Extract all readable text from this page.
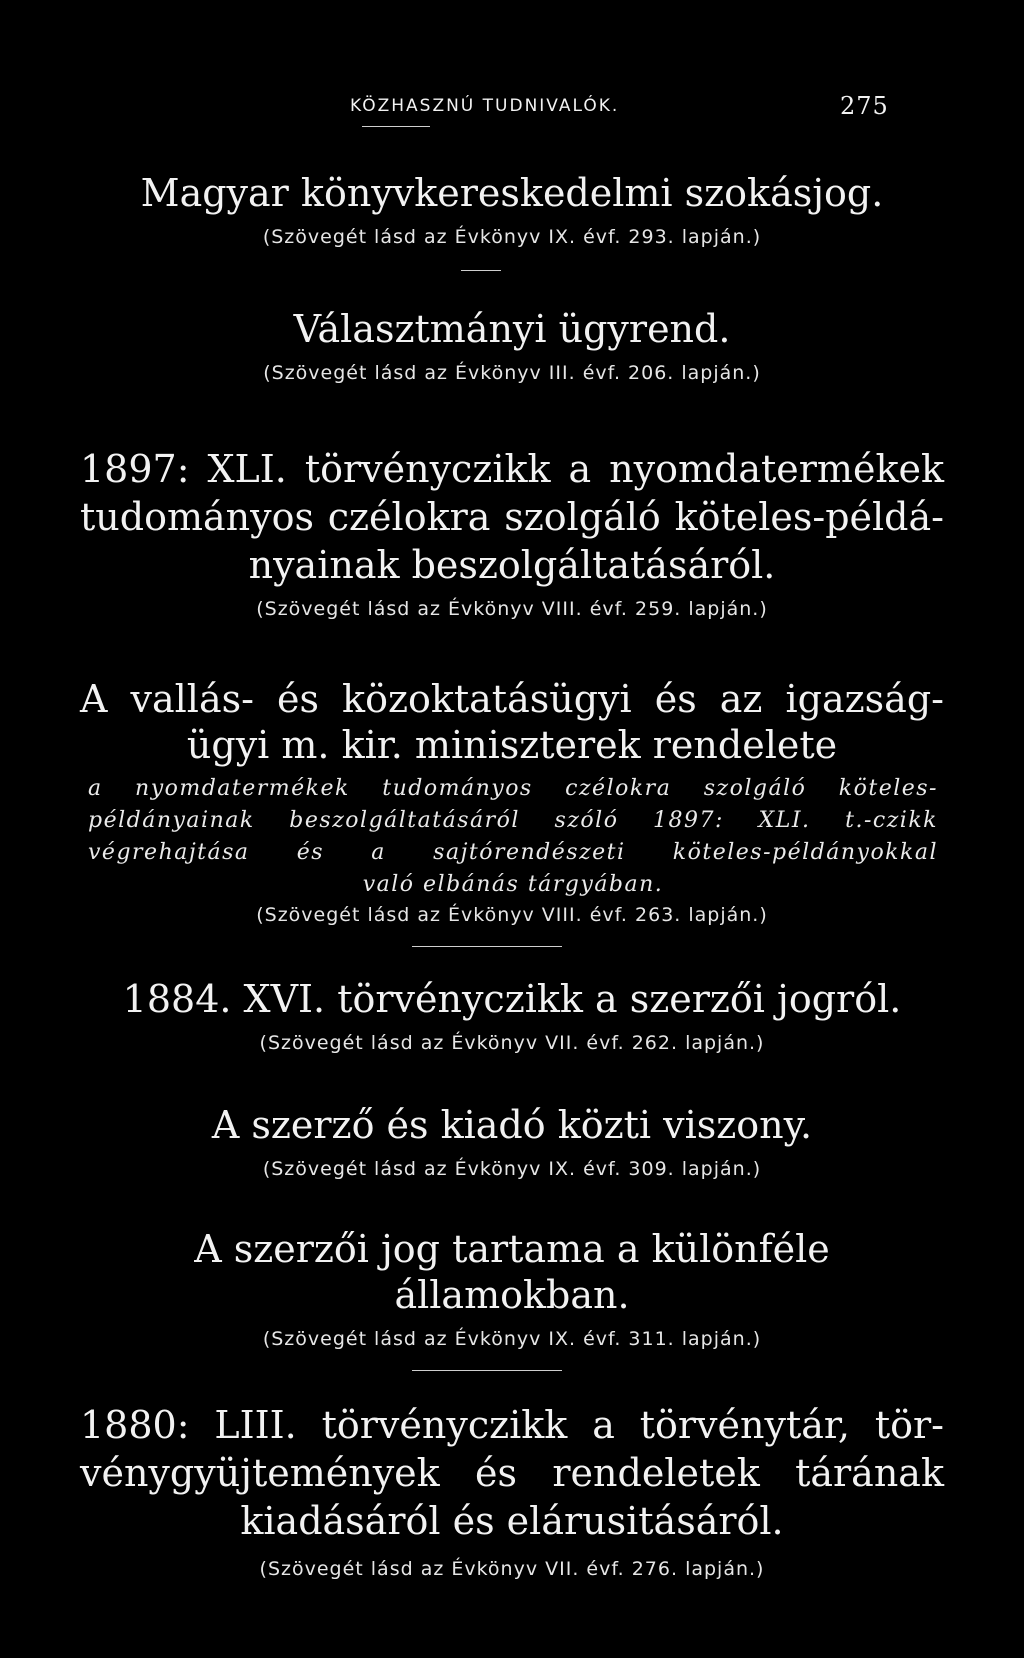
KÖZHASZNÚ TUDNIVALÓK.	275
Magyar könyvkereskedelmi szokásjog.
(Szövegét lásd az Évkönyv IX. évf. 293. lapján.)
Választmányi ügyrend.
(Szövegét lásd az Évkönyv III. évf. 206. lapján.)
1897: XLI. törvényczikk a nyomdatermékek
tudományos czélokra szolgáló köteles-példá-
nyainak beszolgáltatásáról.
(Szövegét lásd az Évkönyv VIII. évf. 259. lapján.)
A vallás- és közoktatásügyi és az igazság-
ügyi m. kir. miniszterek rendelete
a nyomdatermékek tudományos czélokra szolgáló köteles-
példányainak beszolgáltatásáról szóló 1897: XLI. t.-czikk
végrehajtása és a sajtórendészeti köteles-példányokkal
való elbánás tárgyában.
(Szövegét lásd az Évkönyv VIII. évf. 263. lapján.)
1884. XVI. törvényczikk a szerzői jogról.
(Szövegét lásd az Évkönyv VII. évf. 262. lapján.)
A szerző és kiadó közti viszony.
(Szövegét lásd az Évkönyv IX. évf. 309. lapján.)
A szerzői jog tartama a különféle
államokban.
(Szövegét lásd az Évkönyv IX. évf. 311. lapján.)
1880: LIII. törvényczikk a törvénytár, tör-
vénygyüjtemények és rendeletek tárának
kiadásáról és elárusitásáról.
(Szövegét lásd az Évkönyv VII. évf. 276. lapján.)
